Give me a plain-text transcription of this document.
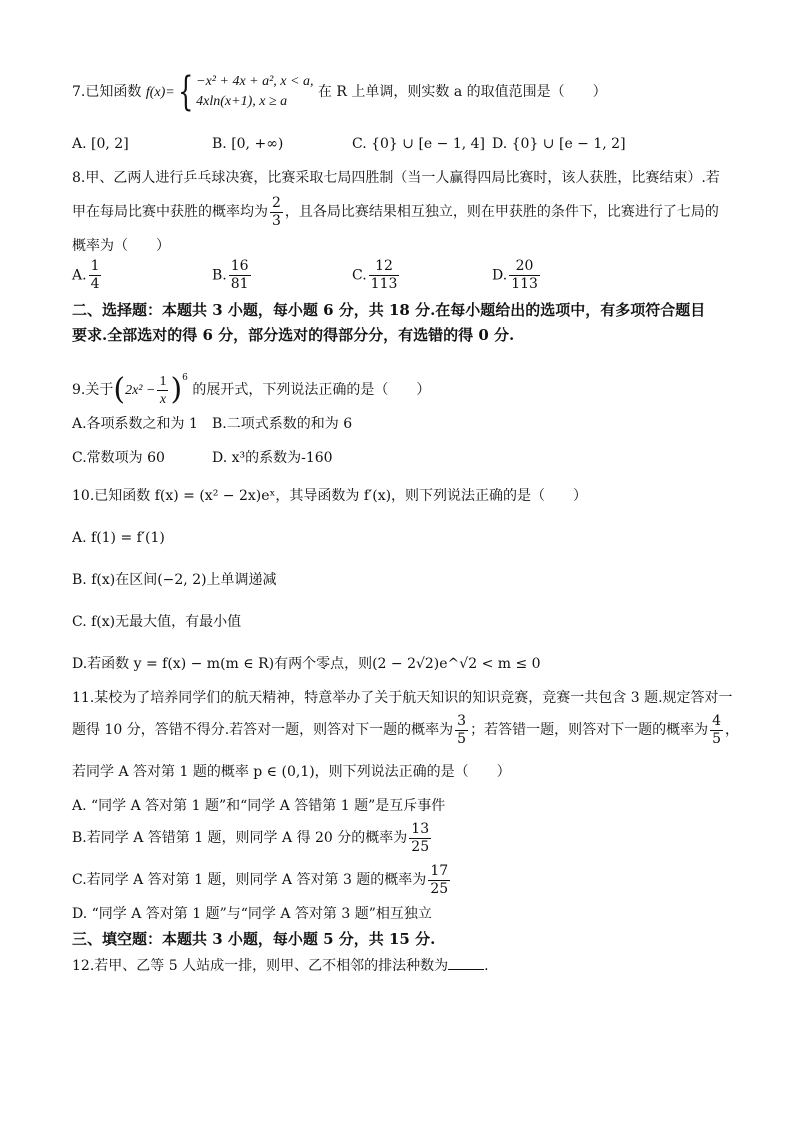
7.已知函数 f(x)={ −x² + 4x + a², x < a,
4xln(x+1), x ≥ a
在 R 上单调，则实数 a 的取值范围是（　　）
A. [0, 2]	B. [0, +∞)	C. {0} ∪ [e − 1, 4] D. {0} ∪ [e − 1, 2]
8.甲、乙两人进行乒乓球决赛，比赛采取七局四胜制（当一人赢得四局比赛时，该人获胜，比赛结束）.若
甲在每局比赛中获胜的概率均为 $\frac{2}{3}$ ，且各局比赛结果相互独立，则在甲获胜的条件下，比赛进行了七局的
概率为（　　）
A. $\frac{1}{4}$	B. $\frac{16}{81}$	C. $\frac{12}{113}$	D. $\frac{20}{113}$
二、选择题：本题共 3 小题，每小题 6 分，共 18 分.在每小题给出的选项中，有多项符合题目
要求.全部选对的得 6 分，部分选对的得部分分，有选错的得 0 分.
9.关于$(2x^2 - \frac{1}{x} )^6$ 的展开式，下列说法正确的是（　　）
A.各项系数之和为 1 B.二项式系数的和为 6
C.常数项为 60	D. x³的系数为-160
10.已知函数 f(x) = (x² − 2x)eˣ，其导函数为 f′(x)，则下列说法正确的是（　　）
A. f(1) = f′(1)
B. f(x)在区间(−2, 2)上单调递减
C. f(x)无最大值，有最小值
D.若函数 y = f(x) − m(m ∈ R)有两个零点，则(2 − 2√2)e^√2 < m ≤ 0
11.某校为了培养同学们的航天精神，特意举办了关于航天知识的知识竞赛，竞赛一共包含 3 题.规定答对一
题得 10 分，答错不得分.若答对一题，则答对下一题的概率为 $\frac{3}{5}$ ；若答错一题，则答对下一题的概率为 $\frac{4}{5}$ ，
若同学 A 答对第 1 题的概率 p ∈ (0,1)，则下列说法正确的是（　　）
A. “同学 A 答对第 1 题”和“同学 A 答错第 1 题”是互斥事件
B.若同学 A 答错第 1 题，则同学 A 得 20 分的概率为 $\frac{13}{25}$
C.若同学 A 答对第 1 题，则同学 A 答对第 3 题的概率为 $\frac{17}{25}$
D. “同学 A 答对第 1 题”与“同学 A 答对第 3 题”相互独立
三、填空题：本题共 3 小题，每小题 5 分，共 15 分.
12.若甲、乙等 5 人站成一排，则甲、乙不相邻的排法种数为	.
